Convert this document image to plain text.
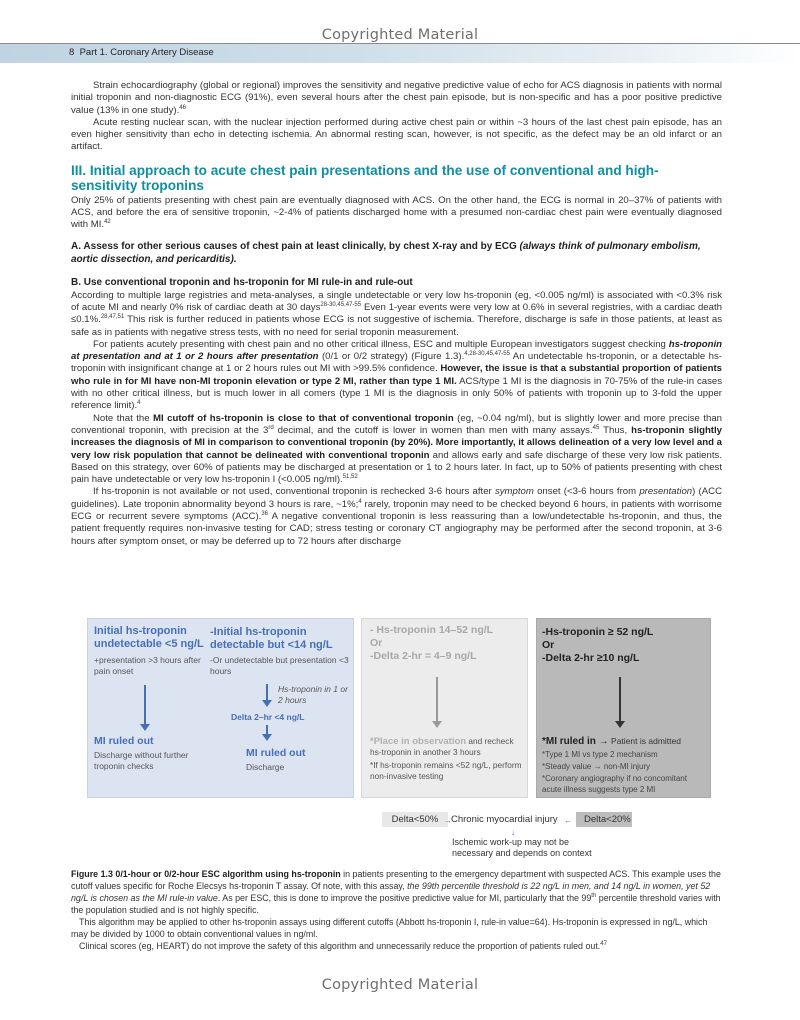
Copyrighted Material
8 Part 1. Coronary Artery Disease

Strain echocardiography (global or regional) improves the sensitivity and negative predictive value of echo for ACS diagnosis in patients with normal initial troponin and non-diagnostic ECG (91%), even several hours after the chest pain episode, but is non-specific and has a poor positive predictive value (13% in one study).$^{46}$

Acute resting nuclear scan, with the nuclear injection performed during active chest pain or within ~3 hours of the last chest pain episode, has an even higher sensitivity than echo in detecting ischemia. An abnormal resting scan, however, is not specific, as the defect may be an old infarct or an artifact.

III. Initial approach to acute chest pain presentations and the use of conventional and high-sensitivity troponins

Only 25% of patients presenting with chest pain are eventually diagnosed with ACS. On the other hand, the ECG is normal in 20–37% of patients with ACS, and before the era of sensitive troponin, ~2-4% of patients discharged home with a presumed non-cardiac chest pain were eventually diagnosed with MI.$^{42}$

A. Assess for other serious causes of chest pain at least clinically, by chest X-ray and by ECG (always think of pulmonary embolism, aortic dissection, and pericarditis).
B. Use conventional troponin and hs-troponin for MI rule-in and rule-out

According to multiple large registries and meta-analyses, a single undetectable or very low hs-troponin (eg, <0.005 ng/ml) is associated with <0.3% risk of acute MI and nearly 0% risk of cardiac death at 30 days$^{28-30,45,47-55}$ Even 1-year events were very low at 0.6% in several registries, with a cardiac death ≤0.1%.$^{28,47,51}$ This risk is further reduced in patients whose ECG is not suggestive of ischemia. Therefore, discharge is safe in those patients, at least as safe as in patients with negative stress tests, with no need for serial troponin measurement.

For patients acutely presenting with chest pain and no other critical illness, ESC and multiple European investigators suggest checking hs-troponin at presentation and at 1 or 2 hours after presentation (0/1 or 0/2 strategy) (Figure 1.3).$^{4,28-30,45,47-55}$ An undetectable hs-troponin, or a detectable hs-troponin with insignificant change at 1 or 2 hours rules out MI with >99.5% confidence. However, the issue is that a substantial proportion of patients who rule in for MI have non-MI troponin elevation or type 2 MI, rather than type 1 MI. ACS/type 1 MI is the diagnosis in 70-75% of the rule-in cases with no other critical illness, but is much lower in all comers (type 1 MI is the diagnosis in only 50% of patients with troponin up to 3-fold the upper reference limit).$^4$

Note that the MI cutoff of hs-troponin is close to that of conventional troponin (eg, ~0.04 ng/ml), but is slightly lower and more precise than conventional troponin, with precision at the 3rd decimal, and the cutoff is lower in women than men with many assays.$^{45}$ Thus, hs-troponin slightly increases the diagnosis of MI in comparison to conventional troponin (by 20%). More importantly, it allows delineation of a very low level and a very low risk population that cannot be delineated with conventional troponin and allows early and safe discharge of these very low risk patients. Based on this strategy, over 60% of patients may be discharged at presentation or 1 to 2 hours later. In fact, up to 50% of patients presenting with chest pain have undetectable or very low hs-troponin I (<0.005 ng/ml).$^{51,52}$

If hs-troponin is not available or not used, conventional troponin is rechecked 3-6 hours after symptom onset (<3-6 hours from presentation) (ACC guidelines). Late troponin abnormality beyond 3 hours is rare, ~1%;$^4$ rarely, troponin may need to be checked beyond 6 hours, in patients with worrisome ECG or recurrent severe symptoms (ACC).$^{36}$ A negative conventional troponin is less reassuring than a low/undetectable hs-troponin, and thus, the patient frequently requires non-invasive testing for CAD; stress testing or coronary CT angiography may be performed after the second troponin, at 3-6 hours after symptom onset, or may be deferred up to 72 hours after discharge

Initial hs-troponin undetectable <5 ng/L
+presentation >3 hours after pain onset
MI ruled out
Discharge without further troponin checks
-Initial hs-troponin detectable but <14 ng/L
-Or undetectable but presentation <3 hours
Hs-troponin in 1 or 2 hours
Delta 2–hr <4 ng/L
MI ruled out
Discharge
- Hs-troponin 14–52 ng/L
Or
-Delta 2-hr = 4–9 ng/L
*Place in observation and recheck hs-troponin in another 3 hours
*If hs-troponin remains <52 ng/L, perform non-invasive testing
-Hs-troponin ≥ 52 ng/L
Or
-Delta 2-hr ≥10 ng/L
*MI ruled in → Patient is admitted
*Type 1 MI vs type 2 mechanism
*Steady value → non-MI injury
*Coronary angiography if no concomitant acute illness suggests type 2 MI
Delta<50% → Chronic myocardial injury ←	Delta<20%
↓
Ischemic work-up may not be necessary and depends on context

Figure 1.3 0/1-hour or 0/2-hour ESC algorithm using hs-troponin in patients presenting to the emergency department with suspected ACS. This example uses the cutoff values specific for Roche Elecsys hs-troponin T assay. Of note, with this assay, the 99th percentile threshold is 22 ng/L in men, and 14 ng/L in women, yet 52 ng/L is chosen as the MI rule-in value. As per ESC, this is done to improve the positive predictive value for MI, particularly that the 99th percentile threshold varies with the population studied and is not highly specific.

This algorithm may be applied to other hs-troponin assays using different cutoffs (Abbott hs-troponin I, rule-in value=64). Hs-troponin is expressed in ng/L, which may be divided by 1000 to obtain conventional values in ng/ml.

Clinical scores (eg, HEART) do not improve the safety of this algorithm and unnecessarily reduce the proportion of patients ruled out.$^{47}$

Copyrighted Material
